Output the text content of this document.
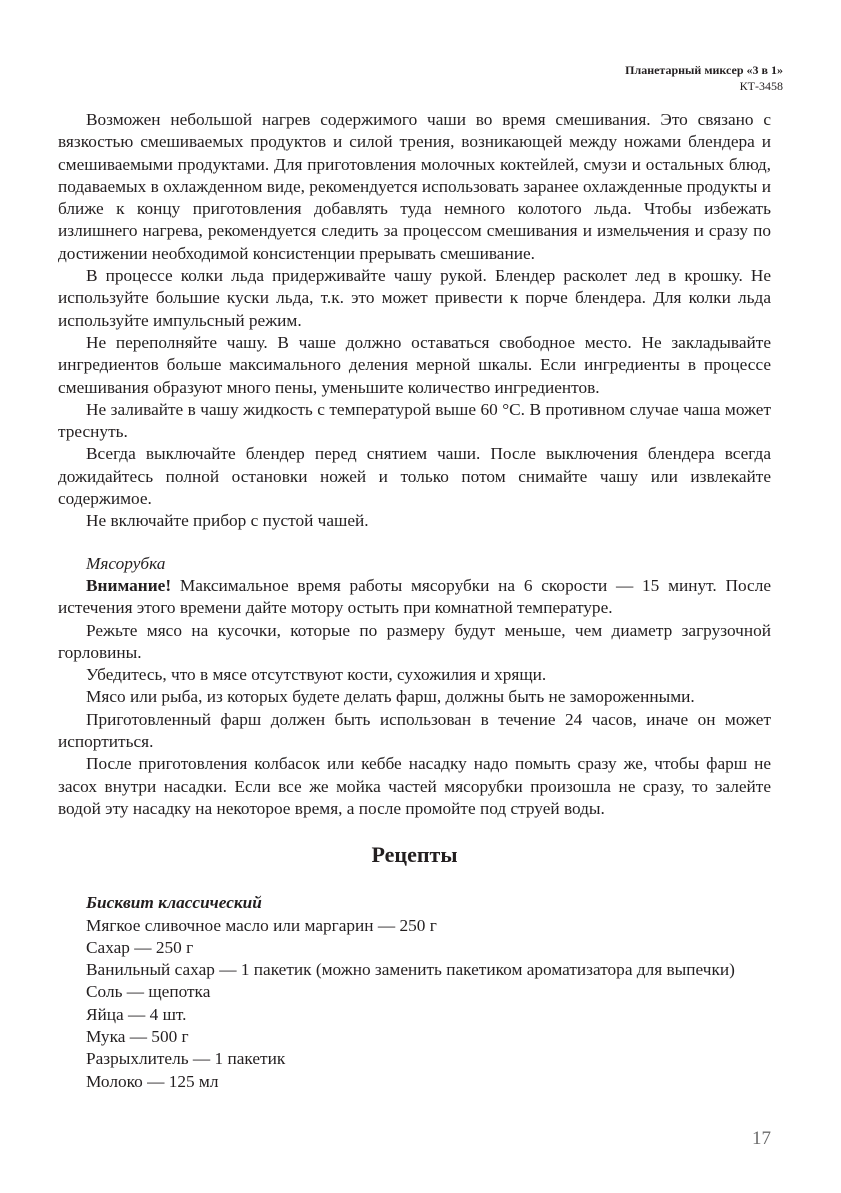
Планетарный миксер «3 в 1»
КТ-3458

Возможен небольшой нагрев содержимого чаши во время смешивания. Это связано с вязкостью смешиваемых продуктов и силой трения, возникающей между ножами блендера и смешиваемыми продуктами. Для приготовления молочных коктейлей, смузи и остальных блюд, подаваемых в охлажденном виде, рекомендуется использовать заранее охлажденные продукты и ближе к концу приготовления добавлять туда немного колотого льда. Чтобы избежать излишнего нагрева, рекомендуется следить за процессом смешивания и измельчения и сразу по достижении необходимой консистенции прерывать смешивание.

В процессе колки льда придерживайте чашу рукой. Блендер расколет лед в крошку. Не используйте большие куски льда, т.к. это может привести к порче блендера. Для колки льда используйте импульсный режим.

Не переполняйте чашу. В чаше должно оставаться свободное место. Не закладывайте ингредиентов больше максимального деления мерной шкалы. Если ингредиенты в процессе смешивания образуют много пены, уменьшите количество ингредиентов.

Не заливайте в чашу жидкость с температурой выше 60 °С. В противном случае чаша может треснуть.

Всегда выключайте блендер перед снятием чаши. После выключения блендера всегда дожидайтесь полной остановки ножей и только потом снимайте чашу или извлекайте содержимое.

Не включайте прибор с пустой чашей.

Мясорубка

Внимание! Максимальное время работы мясорубки на 6 скорости — 15 минут. После истечения этого времени дайте мотору остыть при комнатной температуре.

Режьте мясо на кусочки, которые по размеру будут меньше, чем диаметр загрузочной горловины.

Убедитесь, что в мясе отсутствуют кости, сухожилия и хрящи.

Мясо или рыба, из которых будете делать фарш, должны быть не замороженными.

Приготовленный фарш должен быть использован в течение 24 часов, иначе он может испортиться.

После приготовления колбасок или кеббе насадку надо помыть сразу же, чтобы фарш не засох внутри насадки. Если все же мойка частей мясорубки произошла не сразу, то залейте водой эту насадку на некоторое время, а после промойте под струей воды.

Рецепты

Бисквит классический

Мягкое сливочное масло или маргарин — 250 г
Сахар — 250 г
Ванильный сахар — 1 пакетик (можно заменить пакетиком ароматизатора для выпечки)
Соль — щепотка
Яйца — 4 шт.
Мука — 500 г
Разрыхлитель — 1 пакетик
Молоко — 125 мл
17
